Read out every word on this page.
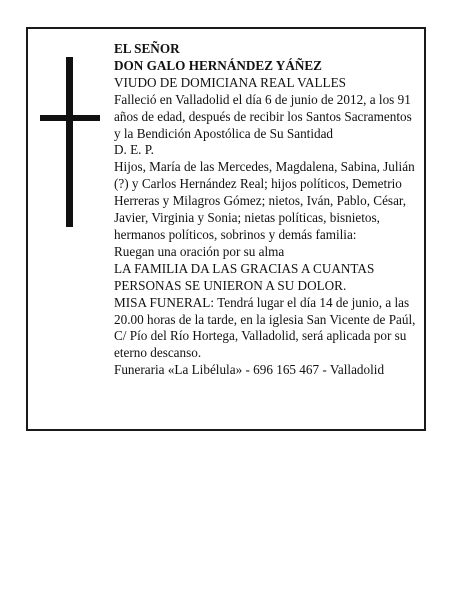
EL SEÑOR

DON GALO HERNÁNDEZ YÁÑEZ

VIUDO DE DOMICIANA REAL VALLES

Falleció en Valladolid el día 6 de junio de 2012, a los 91 años de edad, después de recibir los Santos Sacramentos y la Bendición Apostólica de Su Santidad

D. E. P.

Hijos, María de las Mercedes, Magdalena, Sabina, Julián (?) y Carlos Hernández Real; hijos políticos, Demetrio Herreras y Milagros Gómez; nietos, Iván, Pablo, César, Javier, Virginia y Sonia; nietas políticas, bisnietos, hermanos políticos, sobrinos y demás familia:

Ruegan una oración por su alma

LA FAMILIA DA LAS GRACIAS A CUANTAS PERSONAS SE UNIERON A SU DOLOR.

MISA FUNERAL: Tendrá lugar el día 14 de junio, a las 20.00 horas de la tarde, en la iglesia San Vicente de Paúl, C/ Pío del Río Hortega, Valladolid, será aplicada por su eterno descanso.

Funeraria «La Libélula» - 696 165 467 - Valladolid
